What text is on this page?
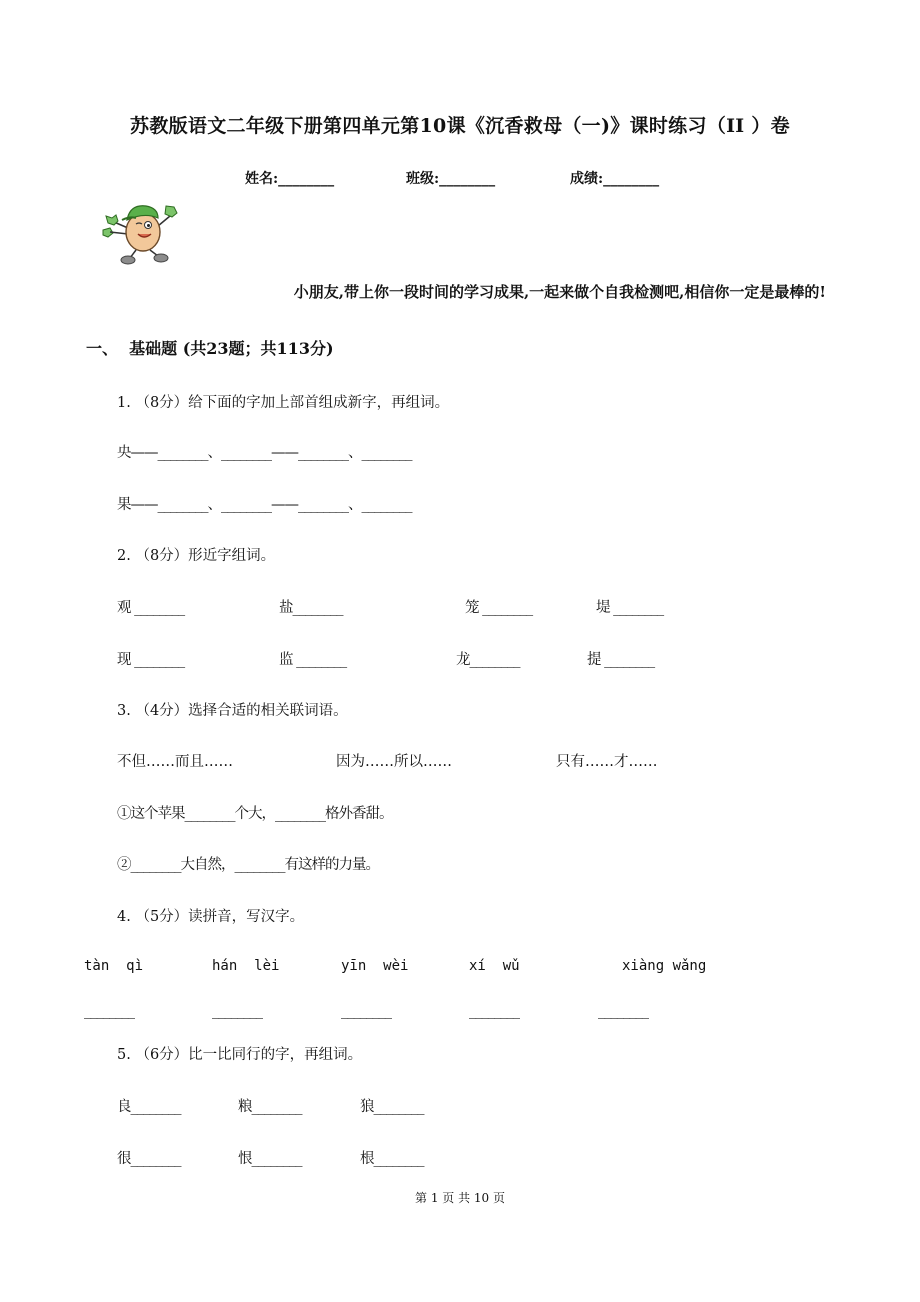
苏教版语文二年级下册第四单元第10课《沉香救母（一)》课时练习（II ）卷
姓名:________	班级:________	成绩:________
小朋友,带上你一段时间的学习成果,一起来做个自我检测吧,相信你一定是最棒的!
一、  基础题 (共23题；共113分)
1. （8分）给下面的字加上部首组成新字，再组词。
央——________、________——________、________
果——________、________——________、________
2. （8分）形近字组词。
观 ________	盐________	笼 ________	堤 ________
现 ________	监 ________	龙________	提 ________
3. （4分）选择合适的相关联词语。
不但……而且……	因为……所以……	只有……才……
①这个苹果________个大，________格外香甜。
②________大自然，________有这样的力量。
4. （5分）读拼音，写汉字。
tàn  qì	hán  lèi	yīn  wèi	xí  wǔ	xiàng wǎng
________	________	________	________	________
5. （6分）比一比同行的字，再组词。
良________	粮________	狼________
很________	恨________	根________
第 1 页 共 10 页
